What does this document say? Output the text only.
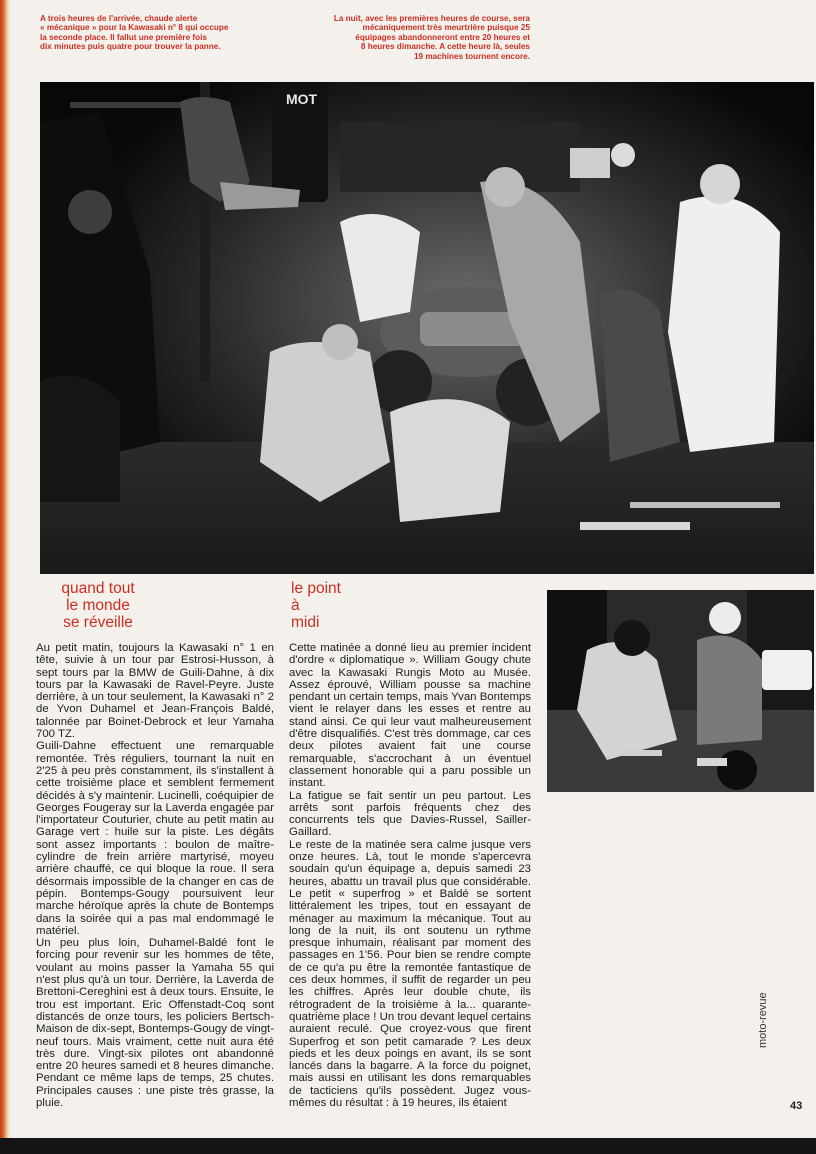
A trois heures de l'arrivée, chaude alerte
« mécanique » pour la Kawasaki n° 8 qui occupe
la seconde place. Il fallut une première fois
dix minutes puis quatre pour trouver la panne.
La nuit, avec les premières heures de course, sera
mécaniquement très meurtrière puisque 25
équipages abandonneront entre 20 heures et
8 heures dimanche. A cette heure là, seules
19 machines tournent encore.
MOT
quand tout
le monde
se réveille
le point
à
midi

Au petit matin, toujours la Kawasaki n° 1 en tête, suivie à un tour par Estrosi-Husson, à sept tours par la BMW de Guili-Dahne, à dix tours par la Kawasaki de Ravel-Peyre. Juste derrière, à un tour seulement, la Kawasaki n° 2 de Yvon Duhamel et Jean-François Baldé, talonnée par Boinet-Debrock et leur Yamaha 700 TZ.

Guili-Dahne effectuent une remarquable remontée. Très réguliers, tournant la nuit en 2'25 à peu près constamment, ils s'installent à cette troisième place et semblent fermement décidés à s'y maintenir. Lucinelli, coéquipier de Georges Fougeray sur la Laverda engagée par l'importateur Couturier, chute au petit matin au Garage vert : huile sur la piste. Les dégâts sont assez importants : boulon de maître-cylindre de frein arrière martyrisé, moyeu arrière chauffé, ce qui bloque la roue. Il sera désormais impossible de la changer en cas de pépin. Bontemps-Gougy poursuivent leur marche héroïque après la chute de Bontemps dans la soirée qui a pas mal endommagé le matériel.

Un peu plus loin, Duhamel-Baldé font le forcing pour revenir sur les hommes de tête, voulant au moins passer la Yamaha 55 qui n'est plus qu'à un tour. Derrière, la Laverda de Brettoni-Cereghini est à deux tours. Ensuite, le trou est important. Eric Offenstadt-Coq sont distancés de onze tours, les policiers Bertsch-Maison de dix-sept, Bontemps-Gougy de vingt-neuf tours. Mais vraiment, cette nuit aura été très dure. Vingt-six pilotes ont abandonné entre 20 heures samedi et 8 heures dimanche. Pendant ce même laps de temps, 25 chutes. Principales causes : une piste très grasse, la pluie.

Cette matinée a donné lieu au premier incident d'ordre « diplomatique ». William Gougy chute avec la Kawasaki Rungis Moto au Musée. Assez éprouvé, William pousse sa machine pendant un certain temps, mais Yvan Bontemps vient le relayer dans les esses et rentre au stand ainsi. Ce qui leur vaut malheureusement d'être disqualifiés. C'est très dommage, car ces deux pilotes avaient fait une course remarquable, s'accrochant à un éventuel classement honorable qui a paru possible un instant.

La fatigue se fait sentir un peu partout. Les arrêts sont parfois fréquents chez des concurrents tels que Davies-Russel, Sailler-Gaillard.

Le reste de la matinée sera calme jusque vers onze heures. Là, tout le monde s'apercevra soudain qu'un équipage a, depuis samedi 23 heures, abattu un travail plus que considérable. Le petit « superfrog » et Baldé se sortent littéralement les tripes, tout en essayant de ménager au maximum la mécanique. Tout au long de la nuit, ils ont soutenu un rythme presque inhumain, réalisant par moment des passages en 1'56. Pour bien se rendre compte de ce qu'a pu être la remontée fantastique de ces deux hommes, il suffit de regarder un peu les chiffres. Après leur double chute, ils rétrogradent de la troisième à la... quarante-quatrième place ! Un trou devant lequel certains auraient reculé. Que croyez-vous que firent Superfrog et son petit camarade ? Les deux pieds et les deux poings en avant, ils se sont lancés dans la bagarre. A la force du poignet, mais aussi en utilisant les dons remarquables de tacticiens qu'ils possèdent. Jugez vous-mêmes du résultat : à 19 heures, ils étaient

moto-revue
43
